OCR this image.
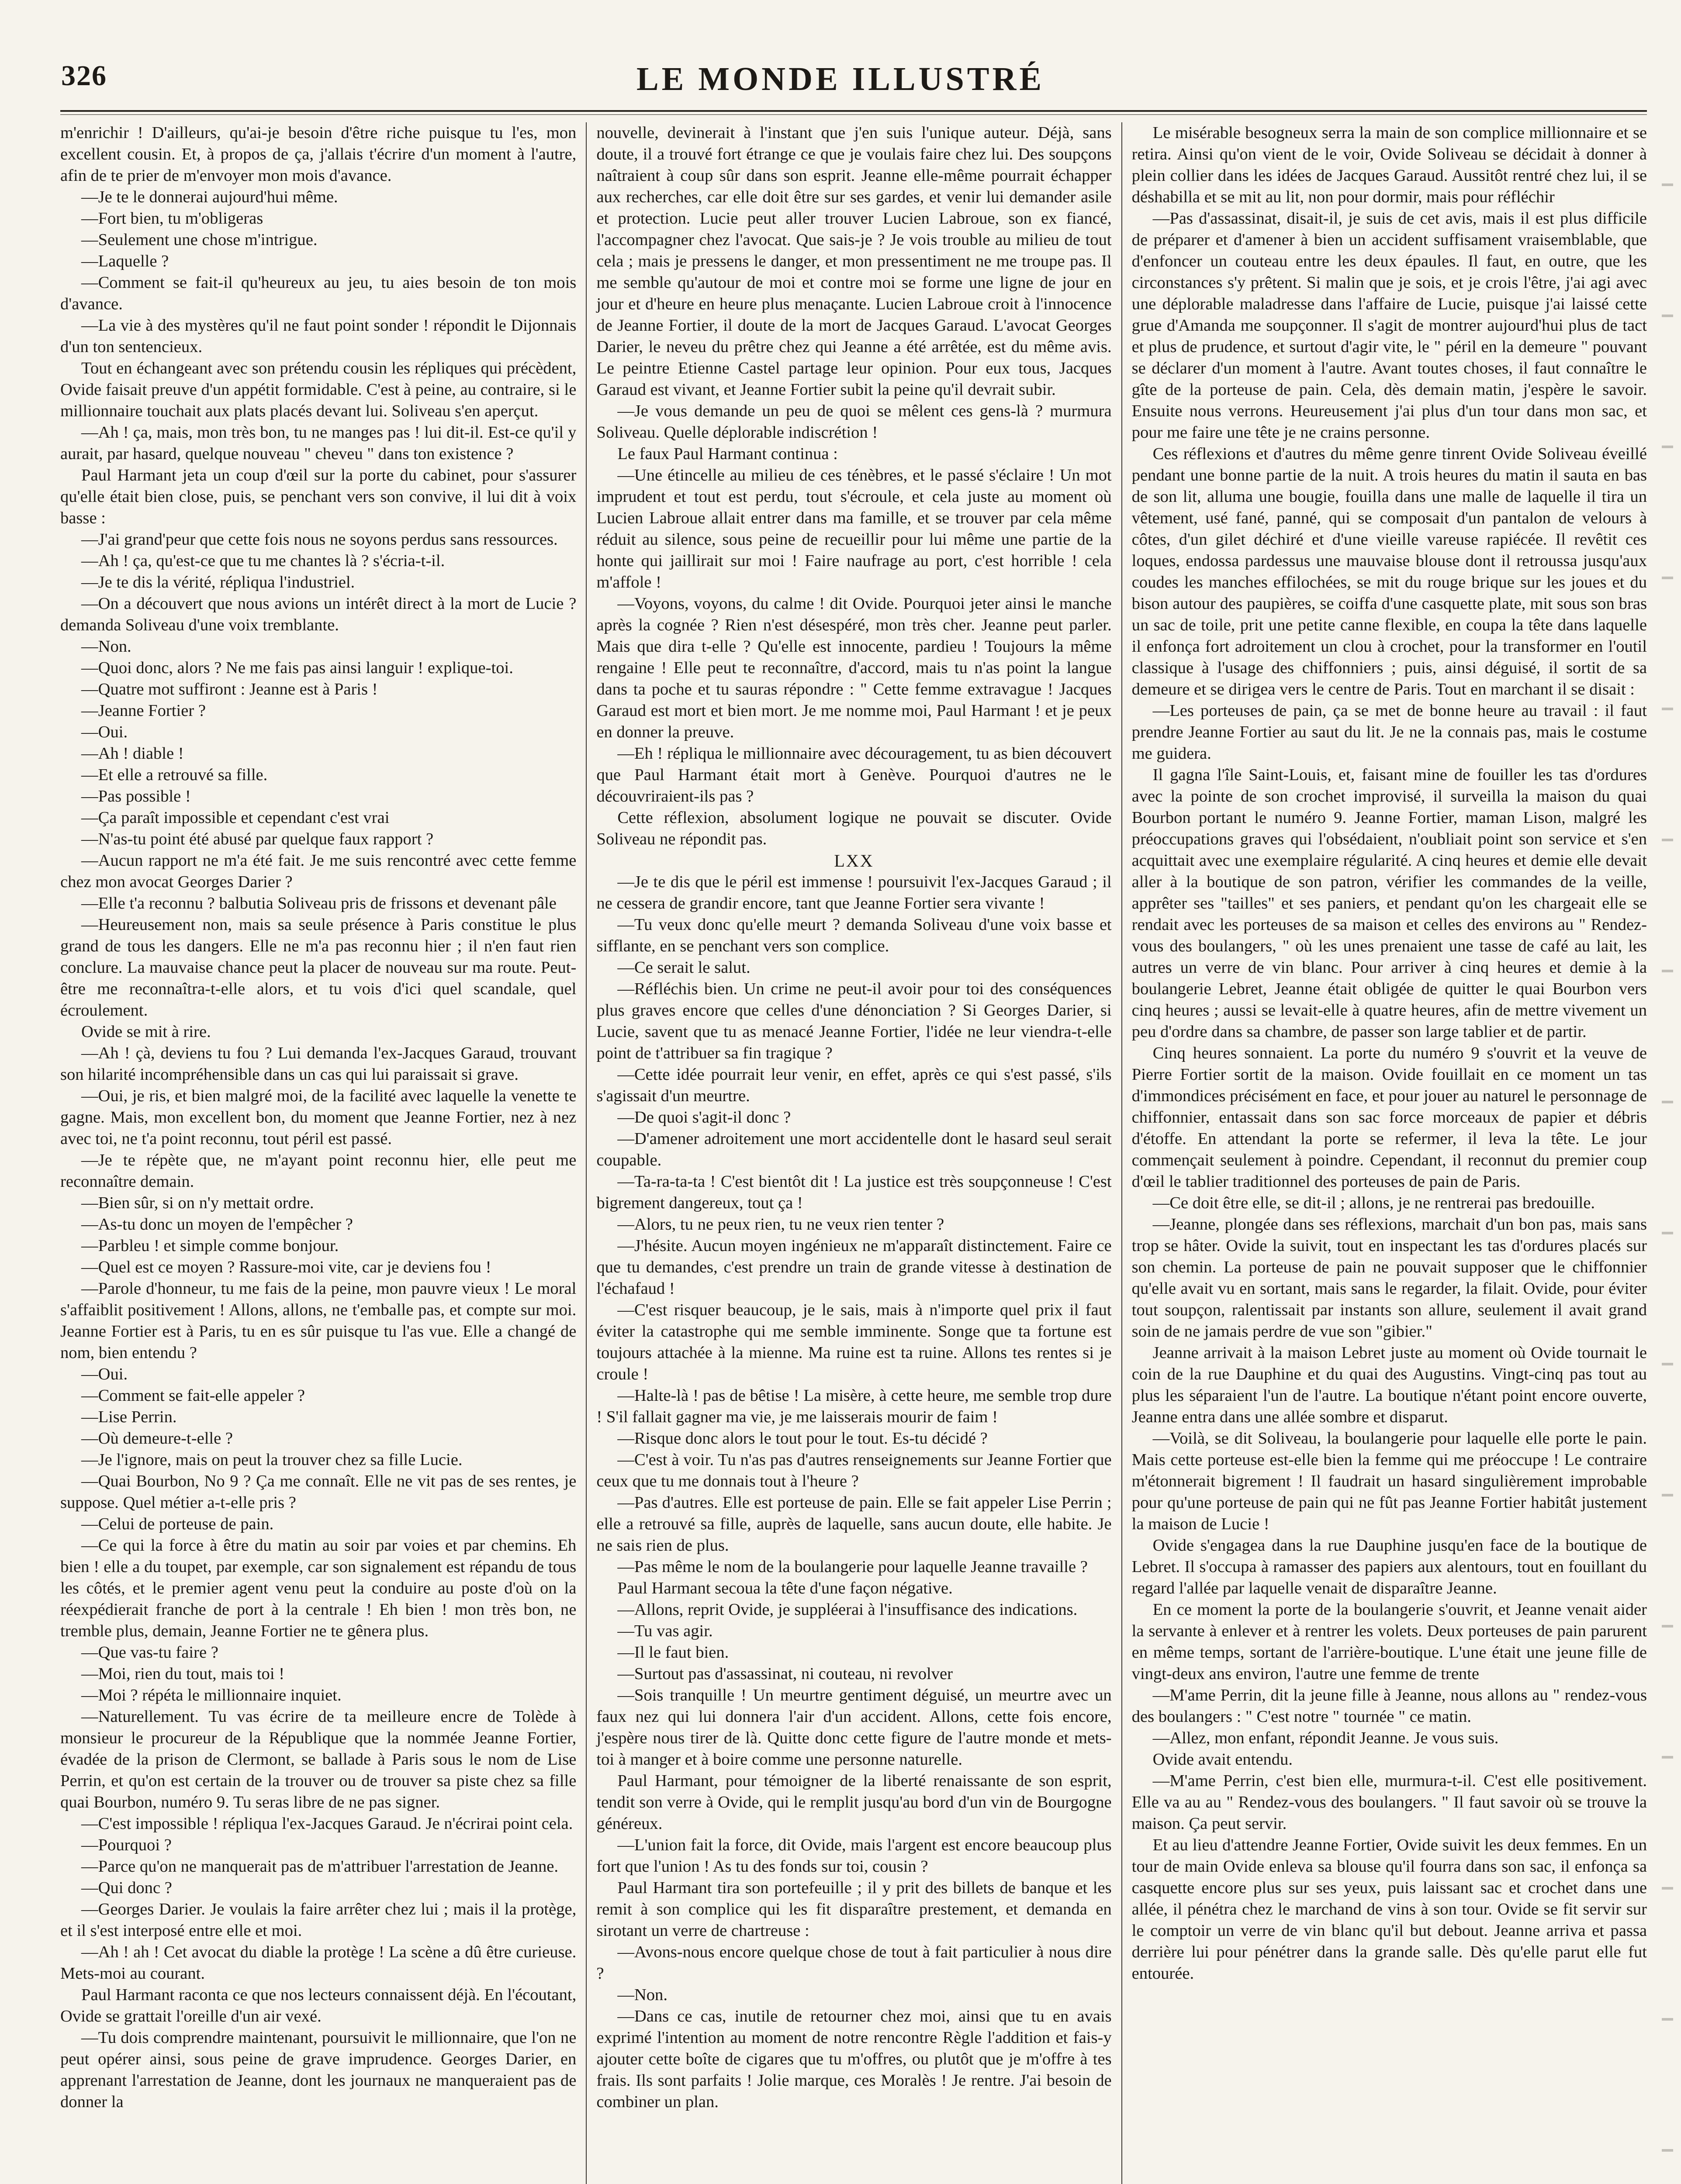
326	LE MONDE ILLUSTRÉ

m'enrichir ! D'ailleurs, qu'ai-je besoin d'être riche puisque tu l'es, mon excellent cousin. Et, à propos de ça, j'allais t'écrire d'un moment à l'autre, afin de te prier de m'envoyer mon mois d'avance.

—Je te le donnerai aujourd'hui même.

—Fort bien, tu m'obligeras

—Seulement une chose m'intrigue.

—Laquelle ?

—Comment se fait-il qu'heureux au jeu, tu aies besoin de ton mois d'avance.

—La vie à des mystères qu'il ne faut point sonder ! répondit le Dijonnais d'un ton sentencieux.

Tout en échangeant avec son prétendu cousin les répliques qui précèdent, Ovide faisait preuve d'un appétit formidable. C'est à peine, au contraire, si le millionnaire touchait aux plats placés devant lui. Soliveau s'en aperçut.

—Ah ! ça, mais, mon très bon, tu ne manges pas ! lui dit-il. Est-ce qu'il y aurait, par hasard, quelque nouveau " cheveu " dans ton existence ?

Paul Harmant jeta un coup d'œil sur la porte du cabinet, pour s'assurer qu'elle était bien close, puis, se penchant vers son convive, il lui dit à voix basse :

—J'ai grand'peur que cette fois nous ne soyons perdus sans ressources.

—Ah ! ça, qu'est-ce que tu me chantes là ? s'écria-t-il.

—Je te dis la vérité, répliqua l'industriel.

—On a découvert que nous avions un intérêt direct à la mort de Lucie ? demanda Soliveau d'une voix tremblante.

—Non.

—Quoi donc, alors ? Ne me fais pas ainsi languir ! explique-toi.

—Quatre mot suffiront : Jeanne est à Paris !

—Jeanne Fortier ?

—Oui.

—Ah ! diable !

—Et elle a retrouvé sa fille.

—Pas possible !

—Ça paraît impossible et cependant c'est vrai

—N'as-tu point été abusé par quelque faux rapport ?

—Aucun rapport ne m'a été fait. Je me suis rencontré avec cette femme chez mon avocat Georges Darier ?

—Elle t'a reconnu ? balbutia Soliveau pris de frissons et devenant pâle

—Heureusement non, mais sa seule présence à Paris constitue le plus grand de tous les dangers. Elle ne m'a pas reconnu hier ; il n'en faut rien conclure. La mauvaise chance peut la placer de nouveau sur ma route. Peut-être me reconnaîtra-t-elle alors, et tu vois d'ici quel scandale, quel écroulement.

Ovide se mit à rire.

—Ah ! çà, deviens tu fou ? Lui demanda l'ex-Jacques Garaud, trouvant son hilarité incompréhensible dans un cas qui lui paraissait si grave.

—Oui, je ris, et bien malgré moi, de la facilité avec laquelle la venette te gagne. Mais, mon excellent bon, du moment que Jeanne Fortier, nez à nez avec toi, ne t'a point reconnu, tout péril est passé.

—Je te répète que, ne m'ayant point reconnu hier, elle peut me reconnaître demain.

—Bien sûr, si on n'y mettait ordre.

—As-tu donc un moyen de l'empêcher ?

—Parbleu ! et simple comme bonjour.

—Quel est ce moyen ? Rassure-moi vite, car je deviens fou !

—Parole d'honneur, tu me fais de la peine, mon pauvre vieux ! Le moral s'affaiblit positivement ! Allons, allons, ne t'emballe pas, et compte sur moi. Jeanne Fortier est à Paris, tu en es sûr puisque tu l'as vue. Elle a changé de nom, bien entendu ?

—Oui.

—Comment se fait-elle appeler ?

—Lise Perrin.

—Où demeure-t-elle ?

—Je l'ignore, mais on peut la trouver chez sa fille Lucie.

—Quai Bourbon, No 9 ? Ça me connaît. Elle ne vit pas de ses rentes, je suppose. Quel métier a-t-elle pris ?

—Celui de porteuse de pain.

—Ce qui la force à être du matin au soir par voies et par chemins. Eh bien ! elle a du toupet, par exemple, car son signalement est répandu de tous les côtés, et le premier agent venu peut la conduire au poste d'où on la réexpédierait franche de port à la centrale ! Eh bien ! mon très bon, ne tremble plus, demain, Jeanne Fortier ne te gênera plus.

—Que vas-tu faire ?

—Moi, rien du tout, mais toi !

—Moi ? répéta le millionnaire inquiet.

—Naturellement. Tu vas écrire de ta meilleure encre de Tolède à monsieur le procureur de la République que la nommée Jeanne Fortier, évadée de la prison de Clermont, se ballade à Paris sous le nom de Lise Perrin, et qu'on est certain de la trouver ou de trouver sa piste chez sa fille quai Bourbon, numéro 9. Tu seras libre de ne pas signer.

—C'est impossible ! répliqua l'ex-Jacques Garaud. Je n'écrirai point cela.

—Pourquoi ?

—Parce qu'on ne manquerait pas de m'attribuer l'arrestation de Jeanne.

—Qui donc ?

—Georges Darier. Je voulais la faire arrêter chez lui ; mais il la protège, et il s'est interposé entre elle et moi.

—Ah ! ah ! Cet avocat du diable la protège ! La scène a dû être curieuse. Mets-moi au courant.

Paul Harmant raconta ce que nos lecteurs connaissent déjà. En l'écoutant, Ovide se grattait l'oreille d'un air vexé.

—Tu dois comprendre maintenant, poursuivit le millionnaire, que l'on ne peut opérer ainsi, sous peine de grave imprudence. Georges Darier, en apprenant l'arrestation de Jeanne, dont les journaux ne manqueraient pas de donner la

nouvelle, devinerait à l'instant que j'en suis l'unique auteur. Déjà, sans doute, il a trouvé fort étrange ce que je voulais faire chez lui. Des soupçons naîtraient à coup sûr dans son esprit. Jeanne elle-même pourrait échapper aux recherches, car elle doit être sur ses gardes, et venir lui demander asile et protection. Lucie peut aller trouver Lucien Labroue, son ex fiancé, l'accompagner chez l'avocat. Que sais-je ? Je vois trouble au milieu de tout cela ; mais je pressens le danger, et mon pressentiment ne me troupe pas. Il me semble qu'autour de moi et contre moi se forme une ligne de jour en jour et d'heure en heure plus menaçante. Lucien Labroue croit à l'innocence de Jeanne Fortier, il doute de la mort de Jacques Garaud. L'avocat Georges Darier, le neveu du prêtre chez qui Jeanne a été arrêtée, est du même avis. Le peintre Etienne Castel partage leur opinion. Pour eux tous, Jacques Garaud est vivant, et Jeanne Fortier subit la peine qu'il devrait subir.

—Je vous demande un peu de quoi se mêlent ces gens-là ? murmura Soliveau. Quelle déplorable indiscrétion !

Le faux Paul Harmant continua :

—Une étincelle au milieu de ces ténèbres, et le passé s'éclaire ! Un mot imprudent et tout est perdu, tout s'écroule, et cela juste au moment où Lucien Labroue allait entrer dans ma famille, et se trouver par cela même réduit au silence, sous peine de recueillir pour lui même une partie de la honte qui jaillirait sur moi ! Faire naufrage au port, c'est horrible ! cela m'affole !

—Voyons, voyons, du calme ! dit Ovide. Pourquoi jeter ainsi le manche après la cognée ? Rien n'est désespéré, mon très cher. Jeanne peut parler. Mais que dira t-elle ? Qu'elle est innocente, pardieu ! Toujours la même rengaine ! Elle peut te reconnaître, d'accord, mais tu n'as point la langue dans ta poche et tu sauras répondre : " Cette femme extravague ! Jacques Garaud est mort et bien mort. Je me nomme moi, Paul Harmant ! et je peux en donner la preuve.

—Eh ! répliqua le millionnaire avec découragement, tu as bien découvert que Paul Harmant était mort à Genève. Pourquoi d'autres ne le découvriraient-ils pas ?

Cette réflexion, absolument logique ne pouvait se discuter. Ovide Soliveau ne répondit pas.

LXX

—Je te dis que le péril est immense ! poursuivit l'ex-Jacques Garaud ; il ne cessera de grandir encore, tant que Jeanne Fortier sera vivante !

—Tu veux donc qu'elle meurt ? demanda Soliveau d'une voix basse et sifflante, en se penchant vers son complice.

—Ce serait le salut.

—Réfléchis bien. Un crime ne peut-il avoir pour toi des conséquences plus graves encore que celles d'une dénonciation ? Si Georges Darier, si Lucie, savent que tu as menacé Jeanne Fortier, l'idée ne leur viendra-t-elle point de t'attribuer sa fin tragique ?

—Cette idée pourrait leur venir, en effet, après ce qui s'est passé, s'ils s'agissait d'un meurtre.

—De quoi s'agit-il donc ?

—D'amener adroitement une mort accidentelle dont le hasard seul serait coupable.

—Ta-ra-ta-ta ! C'est bientôt dit ! La justice est très soupçonneuse ! C'est bigrement dangereux, tout ça !

—Alors, tu ne peux rien, tu ne veux rien tenter ?

—J'hésite. Aucun moyen ingénieux ne m'apparaît distinctement. Faire ce que tu demandes, c'est prendre un train de grande vitesse à destination de l'échafaud !

—C'est risquer beaucoup, je le sais, mais à n'importe quel prix il faut éviter la catastrophe qui me semble imminente. Songe que ta fortune est toujours attachée à la mienne. Ma ruine est ta ruine. Allons tes rentes si je croule !

—Halte-là ! pas de bêtise ! La misère, à cette heure, me semble trop dure ! S'il fallait gagner ma vie, je me laisserais mourir de faim !

—Risque donc alors le tout pour le tout. Es-tu décidé ?

—C'est à voir. Tu n'as pas d'autres renseignements sur Jeanne Fortier que ceux que tu me donnais tout à l'heure ?

—Pas d'autres. Elle est porteuse de pain. Elle se fait appeler Lise Perrin ; elle a retrouvé sa fille, auprès de laquelle, sans aucun doute, elle habite. Je ne sais rien de plus.

—Pas même le nom de la boulangerie pour laquelle Jeanne travaille ?

Paul Harmant secoua la tête d'une façon négative.

—Allons, reprit Ovide, je suppléerai à l'insuffisance des indications.

—Tu vas agir.

—Il le faut bien.

—Surtout pas d'assassinat, ni couteau, ni revolver

—Sois tranquille ! Un meurtre gentiment déguisé, un meurtre avec un faux nez qui lui donnera l'air d'un accident. Allons, cette fois encore, j'espère nous tirer de là. Quitte donc cette figure de l'autre monde et mets-toi à manger et à boire comme une personne naturelle.

Paul Harmant, pour témoigner de la liberté renaissante de son esprit, tendit son verre à Ovide, qui le remplit jusqu'au bord d'un vin de Bourgogne généreux.

—L'union fait la force, dit Ovide, mais l'argent est encore beaucoup plus fort que l'union ! As tu des fonds sur toi, cousin ?

Paul Harmant tira son portefeuille ; il y prit des billets de banque et les remit à son complice qui les fit disparaître prestement, et demanda en sirotant un verre de chartreuse :

—Avons-nous encore quelque chose de tout à fait particulier à nous dire ?

—Non.

—Dans ce cas, inutile de retourner chez moi, ainsi que tu en avais exprimé l'intention au moment de notre rencontre Règle l'addition et fais-y ajouter cette boîte de cigares que tu m'offres, ou plutôt que je m'offre à tes frais. Ils sont parfaits ! Jolie marque, ces Moralès ! Je rentre. J'ai besoin de combiner un plan.

Le misérable besogneux serra la main de son complice millionnaire et se retira. Ainsi qu'on vient de le voir, Ovide Soliveau se décidait à donner à plein collier dans les idées de Jacques Garaud. Aussitôt rentré chez lui, il se déshabilla et se mit au lit, non pour dormir, mais pour réfléchir

—Pas d'assassinat, disait-il, je suis de cet avis, mais il est plus difficile de préparer et d'amener à bien un accident suffisament vraisemblable, que d'enfoncer un couteau entre les deux épaules. Il faut, en outre, que les circonstances s'y prêtent. Si malin que je sois, et je crois l'être, j'ai agi avec une déplorable maladresse dans l'affaire de Lucie, puisque j'ai laissé cette grue d'Amanda me soupçonner. Il s'agit de montrer aujourd'hui plus de tact et plus de prudence, et surtout d'agir vite, le " péril en la demeure " pouvant se déclarer d'un moment à l'autre. Avant toutes choses, il faut connaître le gîte de la porteuse de pain. Cela, dès demain matin, j'espère le savoir. Ensuite nous verrons. Heureusement j'ai plus d'un tour dans mon sac, et pour me faire une tête je ne crains personne.

Ces réflexions et d'autres du même genre tinrent Ovide Soliveau éveillé pendant une bonne partie de la nuit. A trois heures du matin il sauta en bas de son lit, alluma une bougie, fouilla dans une malle de laquelle il tira un vêtement, usé fané, panné, qui se composait d'un pantalon de velours à côtes, d'un gilet déchiré et d'une vieille vareuse rapiécée. Il revêtit ces loques, endossa pardessus une mauvaise blouse dont il retroussa jusqu'aux coudes les manches effilochées, se mit du rouge brique sur les joues et du bison autour des paupières, se coiffa d'une casquette plate, mit sous son bras un sac de toile, prit une petite canne flexible, en coupa la tête dans laquelle il enfonça fort adroitement un clou à crochet, pour la transformer en l'outil classique à l'usage des chiffonniers ; puis, ainsi déguisé, il sortit de sa demeure et se dirigea vers le centre de Paris. Tout en marchant il se disait :

—Les porteuses de pain, ça se met de bonne heure au travail : il faut prendre Jeanne Fortier au saut du lit. Je ne la connais pas, mais le costume me guidera.

Il gagna l'île Saint-Louis, et, faisant mine de fouiller les tas d'ordures avec la pointe de son crochet improvisé, il surveilla la maison du quai Bourbon portant le numéro 9. Jeanne Fortier, maman Lison, malgré les préoccupations graves qui l'obsédaient, n'oubliait point son service et s'en acquittait avec une exemplaire régularité. A cinq heures et demie elle devait aller à la boutique de son patron, vérifier les commandes de la veille, apprêter ses "tailles" et ses paniers, et pendant qu'on les chargeait elle se rendait avec les porteuses de sa maison et celles des environs au " Rendez-vous des boulangers, " où les unes prenaient une tasse de café au lait, les autres un verre de vin blanc. Pour arriver à cinq heures et demie à la boulangerie Lebret, Jeanne était obligée de quitter le quai Bourbon vers cinq heures ; aussi se levait-elle à quatre heures, afin de mettre vivement un peu d'ordre dans sa chambre, de passer son large tablier et de partir.

Cinq heures sonnaient. La porte du numéro 9 s'ouvrit et la veuve de Pierre Fortier sortit de la maison. Ovide fouillait en ce moment un tas d'immondices précisément en face, et pour jouer au naturel le personnage de chiffonnier, entassait dans son sac force morceaux de papier et débris d'étoffe. En attendant la porte se refermer, il leva la tête. Le jour commençait seulement à poindre. Cependant, il reconnut du premier coup d'œil le tablier traditionnel des porteuses de pain de Paris.

—Ce doit être elle, se dit-il ; allons, je ne rentrerai pas bredouille.

—Jeanne, plongée dans ses réflexions, marchait d'un bon pas, mais sans trop se hâter. Ovide la suivit, tout en inspectant les tas d'ordures placés sur son chemin. La porteuse de pain ne pouvait supposer que le chiffonnier qu'elle avait vu en sortant, mais sans le regarder, la filait. Ovide, pour éviter tout soupçon, ralentissait par instants son allure, seulement il avait grand soin de ne jamais perdre de vue son "gibier."

Jeanne arrivait à la maison Lebret juste au moment où Ovide tournait le coin de la rue Dauphine et du quai des Augustins. Vingt-cinq pas tout au plus les séparaient l'un de l'autre. La boutique n'étant point encore ouverte, Jeanne entra dans une allée sombre et disparut.

—Voilà, se dit Soliveau, la boulangerie pour laquelle elle porte le pain. Mais cette porteuse est-elle bien la femme qui me préoccupe ! Le contraire m'étonnerait bigrement ! Il faudrait un hasard singulièrement improbable pour qu'une porteuse de pain qui ne fût pas Jeanne Fortier habitât justement la maison de Lucie !

Ovide s'engagea dans la rue Dauphine jusqu'en face de la boutique de Lebret. Il s'occupa à ramasser des papiers aux alentours, tout en fouillant du regard l'allée par laquelle venait de disparaître Jeanne.

En ce moment la porte de la boulangerie s'ouvrit, et Jeanne venait aider la servante à enlever et à rentrer les volets. Deux porteuses de pain parurent en même temps, sortant de l'arrière-boutique. L'une était une jeune fille de vingt-deux ans environ, l'autre une femme de trente

—M'ame Perrin, dit la jeune fille à Jeanne, nous allons au " rendez-vous des boulangers : " C'est notre " tournée " ce matin.

—Allez, mon enfant, répondit Jeanne. Je vous suis.

Ovide avait entendu.

—M'ame Perrin, c'est bien elle, murmura-t-il. C'est elle positivement. Elle va au au " Rendez-vous des boulangers. " Il faut savoir où se trouve la maison. Ça peut servir.

Et au lieu d'attendre Jeanne Fortier, Ovide suivit les deux femmes. En un tour de main Ovide enleva sa blouse qu'il fourra dans son sac, il enfonça sa casquette encore plus sur ses yeux, puis laissant sac et crochet dans une allée, il pénétra chez le marchand de vins à son tour. Ovide se fit servir sur le comptoir un verre de vin blanc qu'il but debout. Jeanne arriva et passa derrière lui pour pénétrer dans la grande salle. Dès qu'elle parut elle fut entourée.
